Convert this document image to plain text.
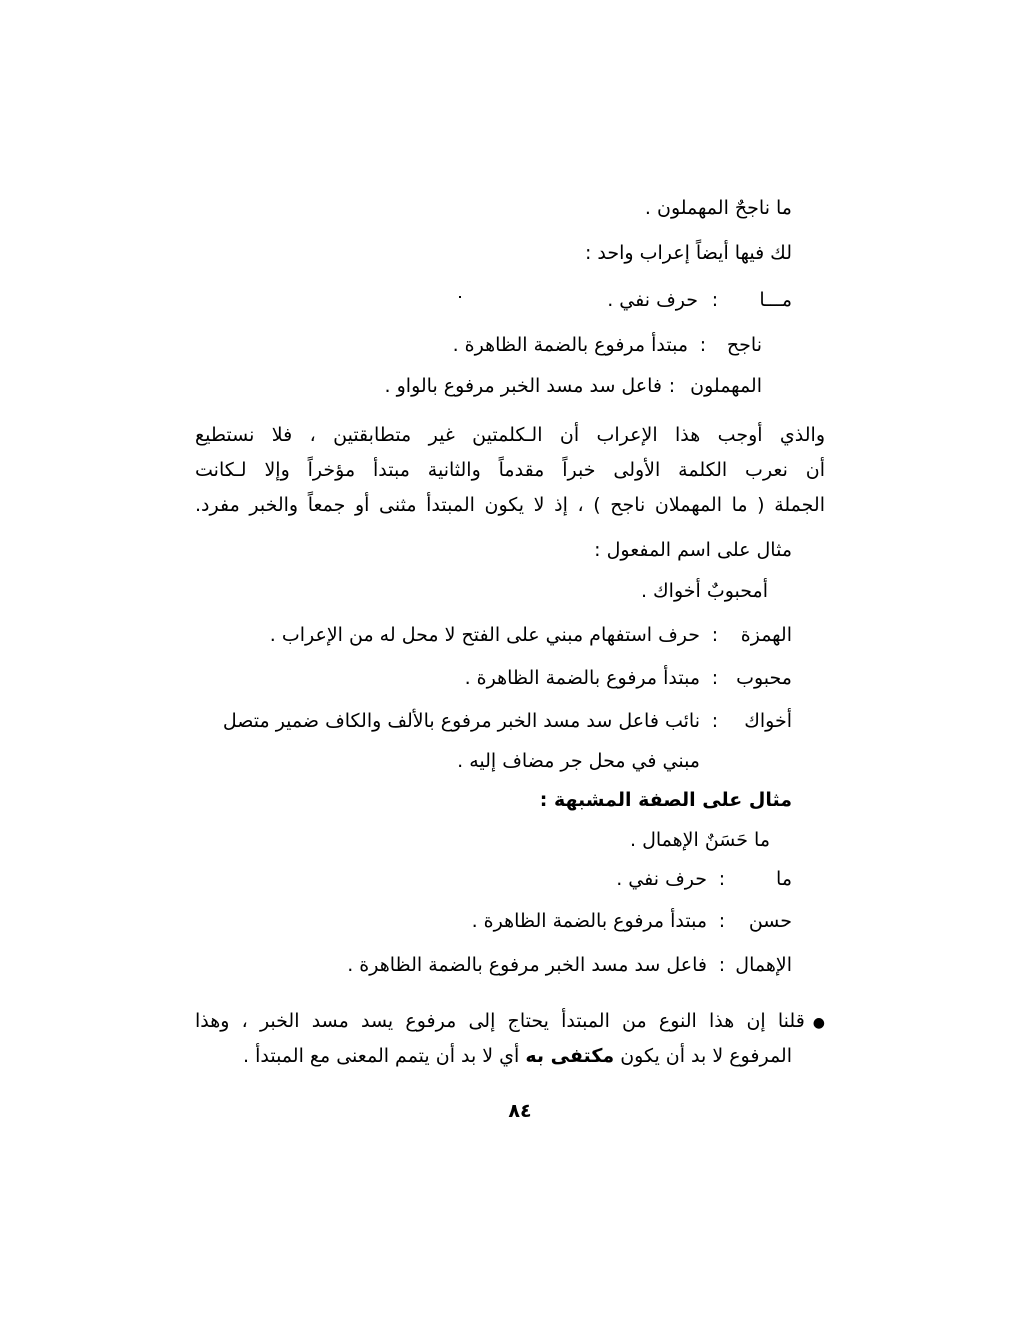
ما ناجحٌ المهملون .
لك فيها أيضاً إعراب واحد :
مـــا:حرف نفي .
ناجح:مبتدأ مرفوع بالضمة الظاهرة .
المهملون:فاعل سد مسد الخبر مرفوع بالواو .
والذي أوجب هذا الإعراب أن الـكلمتين غير متطابقتين ، فلا نستطيع
أن نعرب الكلمة الأولى خبراً مقدماً والثانية مبتدأ مؤخراً وإلا لـكانت
الجملة ( ما المهملان ناجح ) ، إذ لا يكون المبتدأ مثنى أو جمعاً والخبر مفرد.
مثال على اسم المفعول :
أمحبوبٌ أخواك .
الهمزة:حرف استفهام مبني على الفتح لا محل له من الإعراب .
محبوب:مبتدأ مرفوع بالضمة الظاهرة .
أخواك:نائب فاعل سد مسد الخبر مرفوع بالألف والكاف ضمير متصل
مبني في محل جر مضاف إليه .
مثال على الصفة المشبهة :
ما حَسَنٌ الإهمال .
ما:حرف نفي .
حسن:مبتدأ مرفوع بالضمة الظاهرة .
الإهمال:فاعل سد مسد الخبر مرفوع بالضمة الظاهرة .
●قلنا إن هذا النوع من المبتدأ يحتاج إلى مرفوع يسد مسد الخبر ، وهذا
المرفوع لا بد أن يكون مكتفى به أي لا بد أن يتمم المعنى مع المبتدأ .
٨٤
